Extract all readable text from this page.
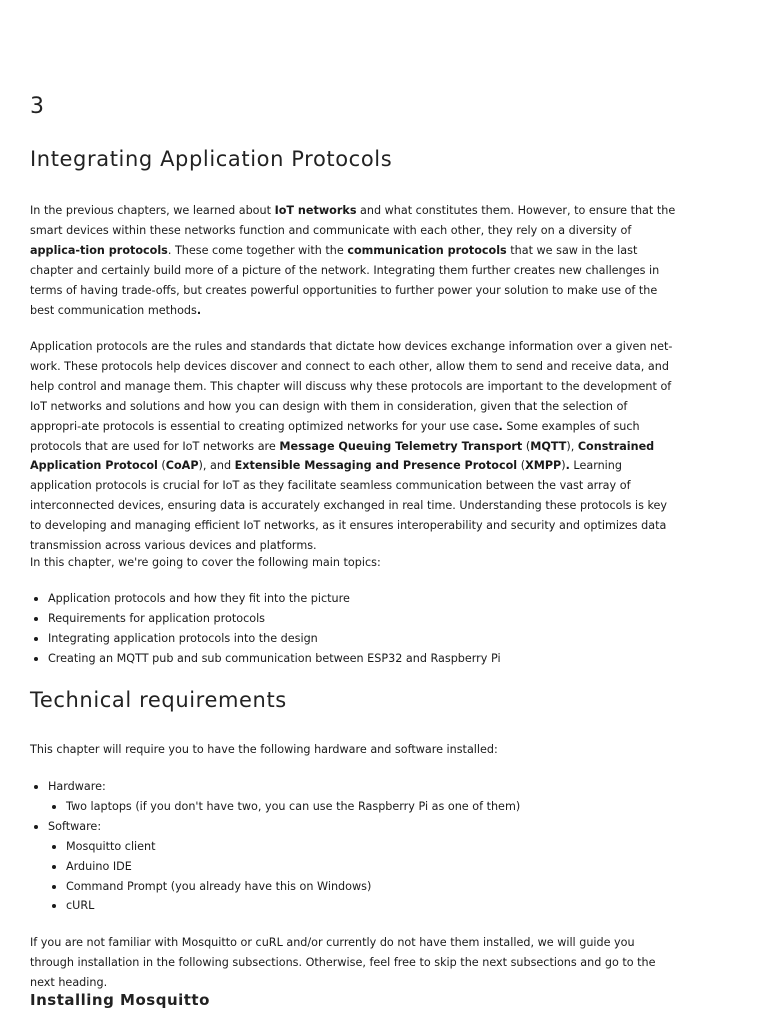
3
Integrating Application Protocols

In the previous chapters, we learned about IoT networks and what constitutes them. However, to ensure that the smart devices within these networks function and communicate with each other, they rely on a diversity of applica-tion protocols. These come together with the communication protocols that we saw in the last chapter and certainly build more of a picture of the network. Integrating them further creates new challenges in terms of having trade-offs, but creates powerful opportunities to further power your solution to make use of the best communication methods.

Application protocols are the rules and standards that dictate how devices exchange information over a given net-work. These protocols help devices discover and connect to each other, allow them to send and receive data, and help control and manage them. This chapter will discuss why these protocols are important to the development of IoT networks and solutions and how you can design with them in consideration, given that the selection of appropri-ate protocols is essential to creating optimized networks for your use case. Some examples of such protocols that are used for IoT networks are Message Queuing Telemetry Transport (MQTT), Constrained Application Protocol (CoAP), and Extensible Messaging and Presence Protocol (XMPP). Learning application protocols is crucial for IoT as they facilitate seamless communication between the vast array of interconnected devices, ensuring data is accurately exchanged in real time. Understanding these protocols is key to developing and managing efficient IoT networks, as it ensures interoperability and security and optimizes data transmission across various devices and platforms.

In this chapter, we're going to cover the following main topics:

Application protocols and how they fit into the picture
Requirements for application protocols
Integrating application protocols into the design
Creating an MQTT pub and sub communication between ESP32 and Raspberry Pi
Technical requirements

This chapter will require you to have the following hardware and software installed:

Hardware:
Two laptops (if you don't have two, you can use the Raspberry Pi as one of them)
Software:
Mosquitto client
Arduino IDE
Command Prompt (you already have this on Windows)
cURL

If you are not familiar with Mosquitto or cuRL and/or currently do not have them installed, we will guide you through installation in the following subsections. Otherwise, feel free to skip the next subsections and go to the next heading.

Installing Mosquitto
